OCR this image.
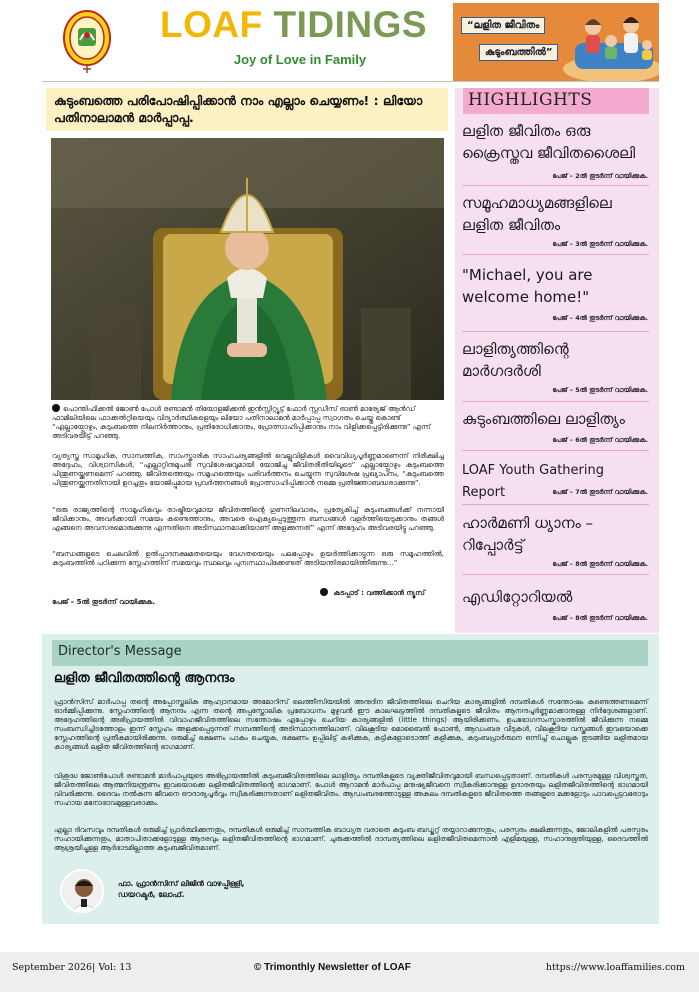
LOAF TIDINGS
Joy of Love in Family
“ലളിത ജീവിതം
കുടുംബത്തിൽ”
കുടുംബത്തെ പരിപോഷിപ്പിക്കാൻ നാം എല്ലാം ചെയ്യണം! : ലിയോ പതിനാലാമൻ മാർപ്പാപ്പ.
പൊന്തിഫിക്കൽ ജോൺ പോൾ രണ്ടാമൻ തിയോളജിക്കൽ ഇൻസ്റ്റിറ്റ്യൂട്ട് ഫോർ സ്റ്റഡീസ് ഓൺ മാര്യേജ് ആൻഡ് ഫാമിലിയിലെ ഫാക്കൽറ്റിയെയും വിദ്യാർത്ഥികളെയും ലിയോ പതിനാലാമൻ മാർപ്പാപ്പ സ്വാഗതം ചെയ്തു കൊണ്ട് “എല്ലായ്പ്പോഴും, കുടുംബത്തെ നിലനിർത്താനും, പ്രതിരോധിക്കാനും, പ്രോത്സാഹിപ്പിക്കാനും നാം വിളിക്കപ്പെട്ടിരിക്കുന്നു” എന്ന് അടിവരയിട്ട് പറഞ്ഞു.
വ്യത്യസ്ത സാമൂഹിക, സാമ്പത്തിക, സാംസ്കാരിക സാഹചര്യങ്ങളിൽ വെല്ലുവിളികൾ വൈവിധ്യപൂർണ്ണമാണെന്ന് നിരീക്ഷിച്ച അദ്ദേഹം, വിശ്വാസികൾ, “എല്ലാറ്റിനുമുപരി സുവിശേഷവുമായി യോജിച്ച ജീവിതരീതിയിലൂടെ” എല്ലായ്പ്പോഴും കുടുംബത്തെ പിന്തുണയ്ക്കണമെന്ന് പറഞ്ഞു. ജീവിതത്തെയും സമൂഹത്തെയും പരിവർത്തനം ചെയ്യുന്ന സുവിശേഷ പ്രഖ്യാപനം, “കുടുംബത്തെ പിന്തുണയ്ക്കുന്നതിനായി ഉറച്ചതും യോജിപ്പുമായ പ്രവർത്തനങ്ങൾ പ്രോത്സാഹിപ്പിക്കാൻ നമ്മെ പ്രതിജ്ഞാബദ്ധരാക്കുന്നു”.
“ഒരു രാജ്യത്തിന്റെ സാമൂഹികവും രാഷ്ട്രീയവുമായ ജീവിതത്തിന്റെ ഗുണനിലവാരം, പ്രത്യേകിച്ച് കുടുംബങ്ങൾക്ക് നന്നായി ജീവിക്കാനും, അവർക്കായി സമയം കണ്ടെത്താനും, അവരെ ഐക്യപ്പെടുത്തുന്ന ബന്ധങ്ങൾ വളർത്തിയെടുക്കാനും തങ്ങൾ എങ്ങനെ അവസരമൊരുക്കുന്നു എന്നതിനെ അടിസ്ഥാനമാക്കിയാണ് അളക്കുന്നത്” എന്ന് അദ്ദേഹം അടിവരയിട്ടു പറഞ്ഞു.
“ബന്ധങ്ങളുടെ ചെലവിൽ ഉൽപ്പാദനക്ഷമതയെയും വേഗതയെയും പലപ്പോഴും ഉയർത്തിക്കാട്ടുന്ന ഒരു സമൂഹത്തിൽ, കുടുംബത്തിൽ പഠിക്കുന്ന സ്നേഹത്തിന് സമയവും സ്ഥലവും പുനഃസ്ഥാപിക്കേണ്ടത് അടിയന്തിരമായിത്തീരുന്നു…”
കടപ്പാട് : വത്തിക്കാൻ ന്യൂസ്
പേജ് – 5ൽ തുടർന്ന് വായിക്കുക.
HIGHLIGHTS
ലളിത ജീവിതം ഒരു ക്രൈസ്തവ ജീവിതശൈലി
പേജ് – 2ൽ തുടർന്ന് വായിക്കുക.
സമൂഹമാധ്യമങ്ങളിലെ ലളിത ജീവിതം
പേജ് – 3ൽ തുടർന്ന് വായിക്കുക.
"Michael, you are welcome home!"
പേജ് – 4ൽ തുടർന്ന് വായിക്കുക.
ലാളിത്യത്തിന്റെ മാർഗദർശി
പേജ് – 5ൽ തുടർന്ന് വായിക്കുക.
കുടുംബത്തിലെ ലാളിത്യം
പേജ് – 6ൽ തുടർന്ന് വായിക്കുക.
LOAF Youth Gathering Report	പേജ് – 7ൽ തുടർന്ന് വായിക്കുക.
ഹാർമണി ധ്യാനം – റിപ്പോർട്ട്
പേജ് – 8ൽ തുടർന്ന് വായിക്കുക.
എഡിറ്റോറിയൽ
പേജ് – 8ൽ തുടർന്ന് വായിക്കുക.
Director's Message
ലളിത ജീവിതത്തിന്റെ ആനന്ദം
ഫ്രാൻസിസ് മാർപാപ്പ തന്റെ അപ്പോസ്തലിക ആഹ്വാനമായ അമോറിസ് ലെത്തീസിയയിൽ അനുദിന ജീവിതത്തിലെ ചെറിയ കാര്യങ്ങളിൽ ദമ്പതികൾ സന്തോഷം കണ്ടെത്തണമെന്ന് ഓർമ്മിപ്പിക്കുന്നു. സ്നേഹത്തിന്റെ ആനന്ദം എന്ന തന്റെ അപ്പസ്തോലിക പ്രബോധനം മുഴുവൻ ഈ കാലഘട്ടത്തിൽ ദമ്പതികളുടെ ജീവിതം ആനന്ദപൂർണ്ണമാക്കാനുള്ള നിർദ്ദേശങ്ങളാണ്. അദ്ദേഹത്തിന്റെ അഭിപ്രായത്തിൽ വിവാഹജീവിതത്തിലെ സന്തോഷം എപ്പോഴും ചെറിയ കാര്യങ്ങളിൽ (little things) ആയിരിക്കണം. ഉപഭോഗസംസ്കാരത്തിൽ ജീവിക്കുന്ന നമ്മെ സംബന്ധിച്ചിടത്തോളം ഇന്ന് സ്നേഹം അളക്കപ്പെടുന്നത് സമ്പത്തിന്റെ അടിസ്ഥാനത്തിലാണ്. വിലകൂടിയ മൊബൈൽ ഫോൺ, ആഡംബര വീടുകൾ, വിലകൂടിയ വസ്ത്രങ്ങൾ ഇവയൊക്കെ സ്നേഹത്തിന്റെ പ്രതീകമായിരിക്കുന്നു. ഒരുമിച്ച് ഭക്ഷണം പാകം ചെയ്യുക, ഭക്ഷണം ഉപ്പിലിട്ട് കഴിക്കുക, കുട്ടികളോടൊത്ത് കളിക്കുക, കുടുംബപ്രാർത്ഥന ഒന്നിച്ച് ചൊല്ലുക തുടങ്ങിയ ലളിതമായ കാര്യങ്ങൾ ലളിത ജീവിതത്തിന്റെ ഭാഗമാണ്.
വിശുദ്ധ ജോൺപോൾ രണ്ടാമൻ മാർപാപ്പയുടെ അഭിപ്രായത്തിൽ കുടുംബജീവിതത്തിലെ ലാളിത്യം ദമ്പതികളുടെ വ്യക്തിജീവിതവുമായി ബന്ധപ്പെട്ടതാണ്. ദമ്പതികൾ പരസ്പരമുള്ള വിശ്വസ്തത, ജീവിതത്തിലെ ആത്മനിയന്ത്രണം ഇവയൊക്കെ ലളിതജീവിതത്തിന്റെ ഭാഗമാണ്. പോൾ ആറാമൻ മാർപാപ്പ മനുഷ്യജീവനെ സ്വീകരിക്കാനുള്ള ഉദാരതയും ലളിതജീവിതത്തിന്റെ ഭാഗമായി വിവരിക്കുന്നു. ദൈവം നൽകുന്ന ജീവനെ ഔദാര്യപൂർവ്വം സ്വീകരിക്കുന്നതാണ് ലളിതജീവിതം. ആഡംബരത്തോടുള്ള അകലം ദമ്പതികളുടെ ജീവിതത്തെ തങ്ങളുടെ മക്കളോടും പാവപ്പെട്ടവരോടും സഹായ മനോഭാവമുള്ളവരാക്കും.
എല്ലാ ദിവസവും ദമ്പതികൾ ഒരുമിച്ച് പ്രാർത്ഥിക്കുന്നതും, ദമ്പതികൾ ഒരുമിച്ച് സാമ്പത്തിക ബാധ്യത വരാതെ കുടുംബ ബഡ്ജറ്റ് തയ്യാറാക്കുന്നതും, പരസ്പരം ക്ഷമിക്കുന്നതും, ജോലികളിൽ പരസ്പരം സഹായിക്കുന്നതും, മാതാപിതാക്കളോടുള്ള ആദരവും ലളിതജീവിതത്തിന്റെ ഭാഗമാണ്. ചുരുക്കത്തിൽ ദാമ്പത്യത്തിലെ ലളിതജീവിതമെന്നാൽ എളിമയുള്ള, സഹാനുഭൂതിയുള്ള, ദൈവത്തിൽ ആശ്രയിച്ചുള്ള ആർഭാടമില്ലാത്ത കുടുംബജീവിതമാണ്.
ഫാ. ഫ്രാൻസിസ് ലിജിൻ വാഴപ്പിള്ളി,
ഡയറക്ടർ, ലോഫ്.
September 2026| Vol: 13	© Trimonthly Newsletter of LOAF	https://www.loaffamilies.com
